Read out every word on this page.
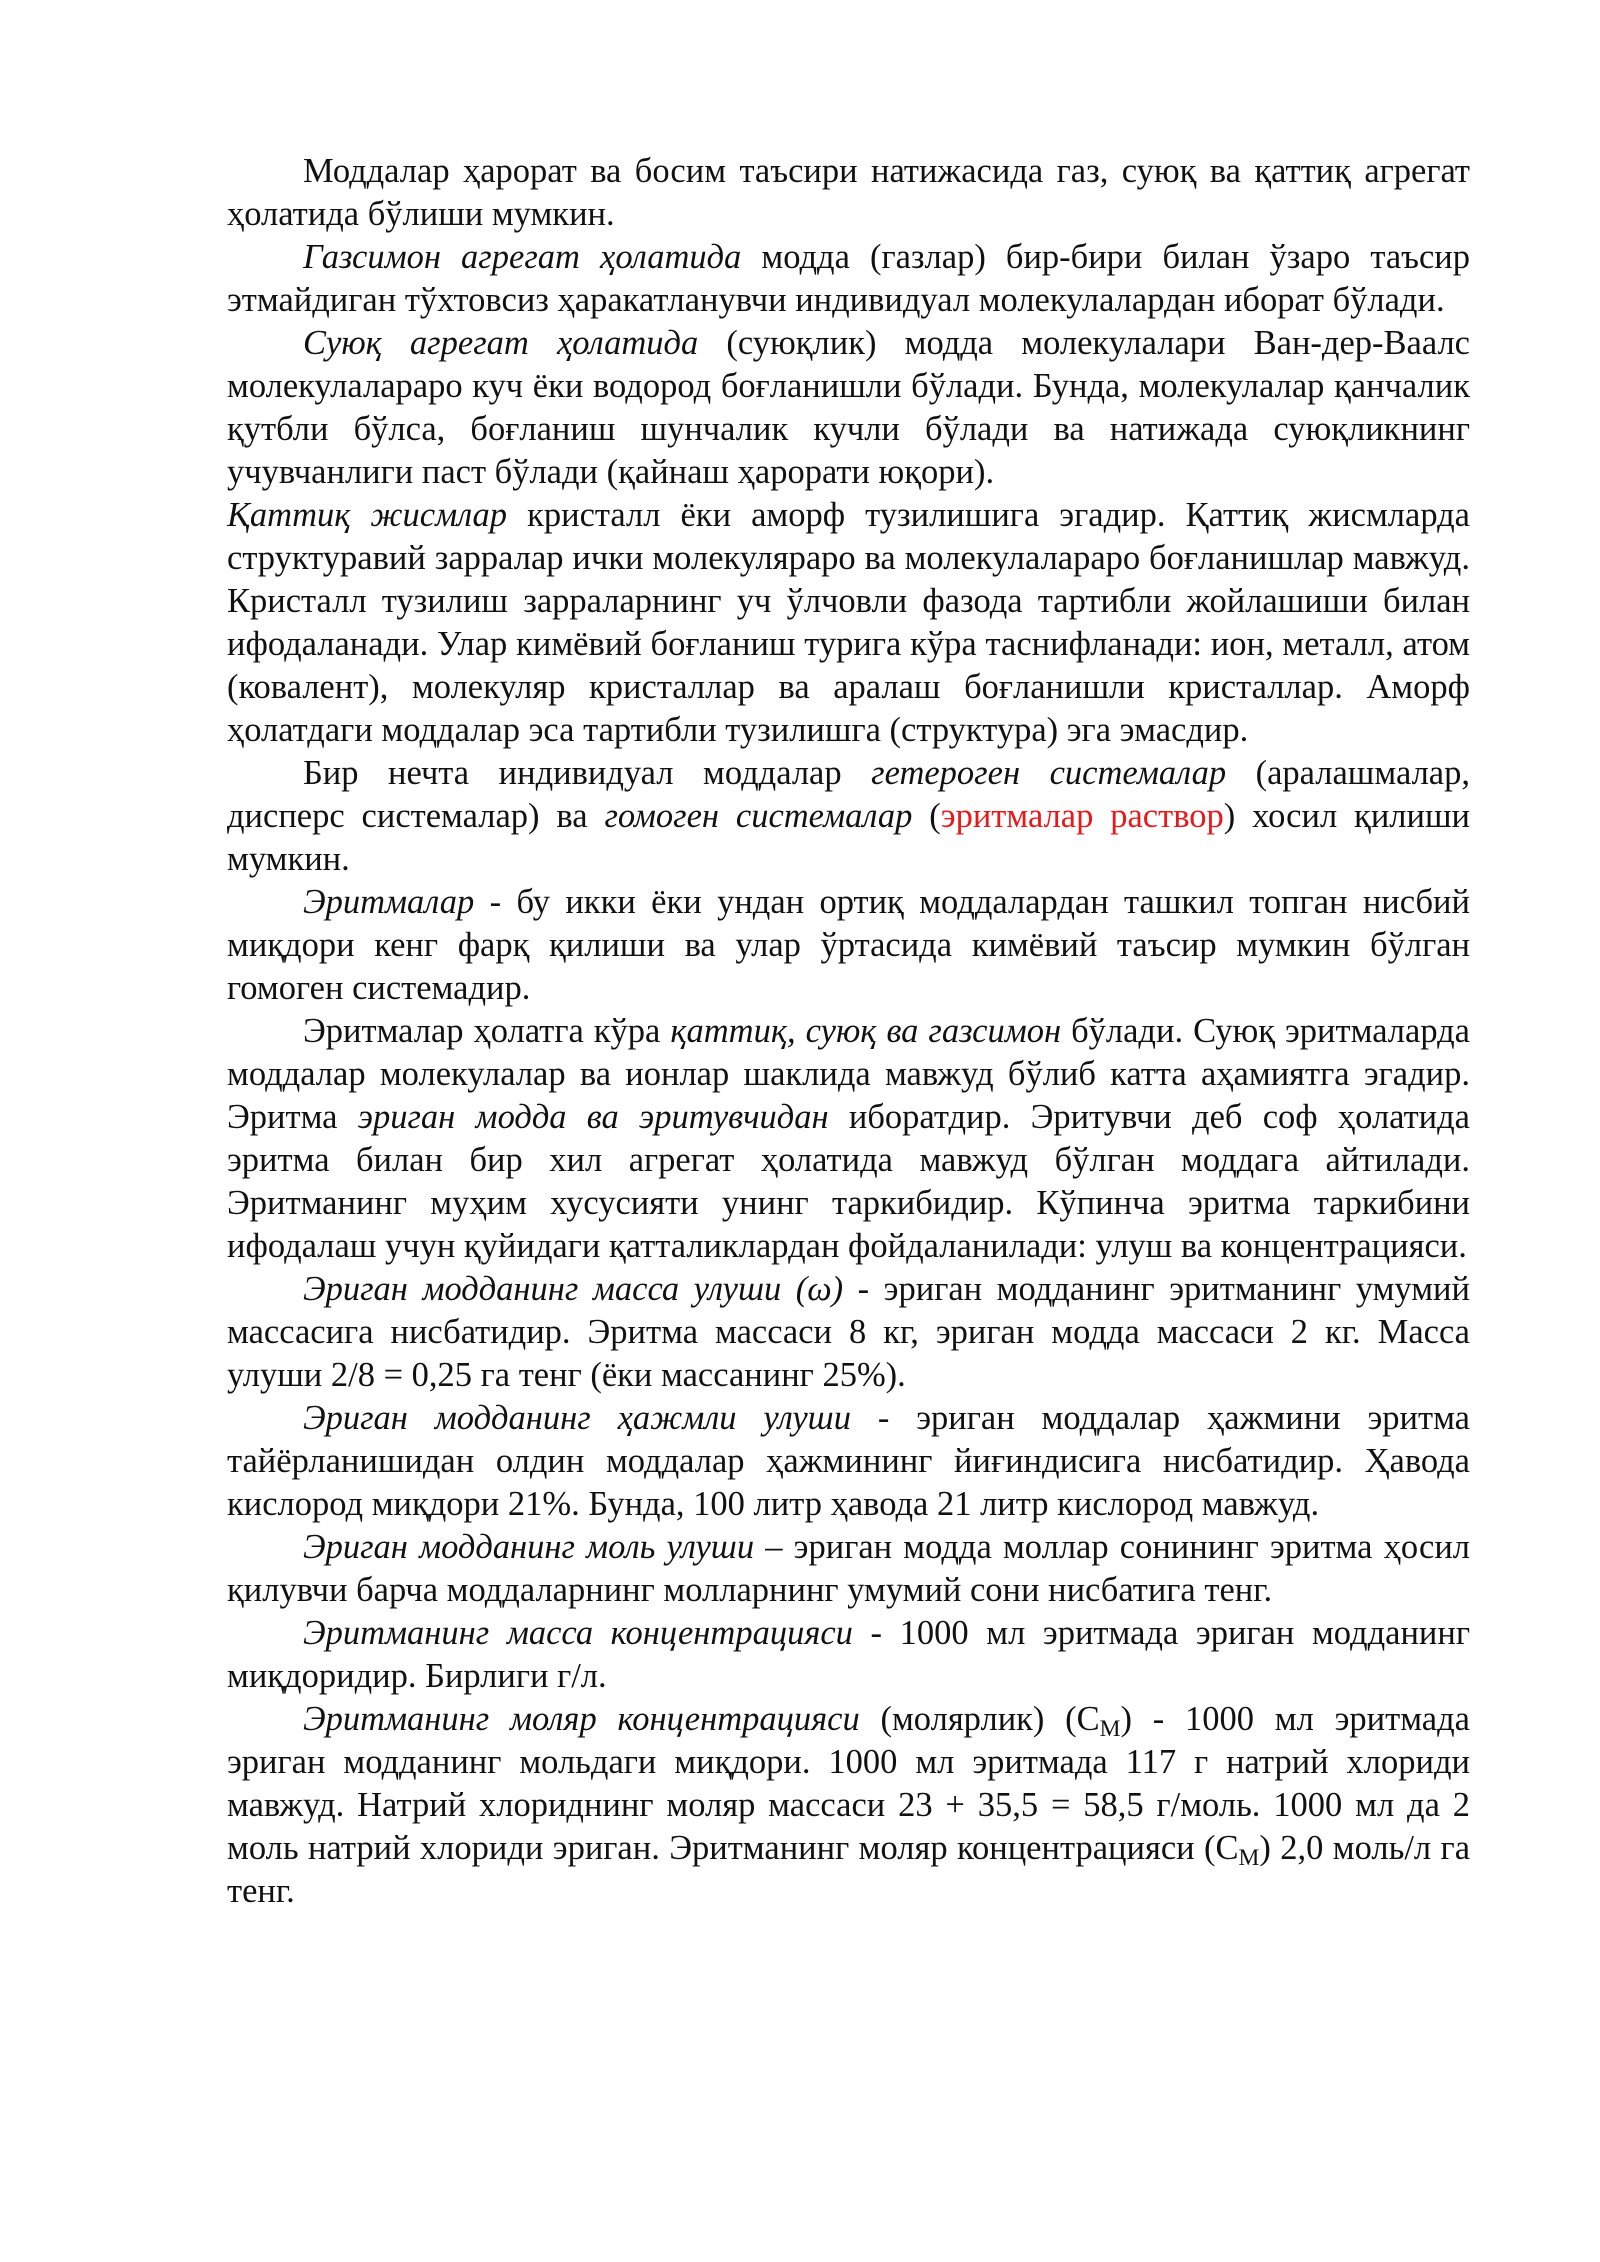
Моддалар ҳарорат ва босим таъсири натижасида газ, суюқ ва қаттиқ агрегат ҳолатида бўлиши мумкин.

Газсимон агрегат ҳолатида модда (газлар) бир-бири билан ўзаро таъсир этмайдиган тўхтовсиз ҳаракатланувчи индивидуал молекулалардан иборат бўлади.

Суюқ агрегат ҳолатида (суюқлик) модда молекулалари Ван-дер-Ваалс молекулалараро куч ёки водород боғланишли бўлади. Бунда, молекулалар қанчалик қутбли бўлса, боғланиш шунчалик кучли бўлади ва натижада суюқликнинг учувчанлиги паст бўлади (қайнаш ҳарорати юқори).

Қаттиқ жисмлар кристалл ёки аморф тузилишига эгадир. Қаттиқ жисмларда структуравий зарралар ички молекуляраро ва молекулалараро боғланишлар мавжуд. Кристалл тузилиш зарраларнинг уч ўлчовли фазода тартибли жойлашиши билан ифодаланади. Улар кимёвий боғланиш турига кўра таснифланади: ион, металл, атом (ковалент), молекуляр кристаллар ва аралаш боғланишли кристаллар. Аморф ҳолатдаги моддалар эса тартибли тузилишга (структура) эга эмасдир.

Бир нечта индивидуал моддалар гетероген системалар (аралашмалар, дисперс системалар) ва гомоген системалар (эритмалар раствор) хосил қилиши мумкин.

Эритмалар - бу икки ёки ундан ортиқ моддалардан ташкил топган нисбий миқдори кенг фарқ қилиши ва улар ўртасида кимёвий таъсир мумкин бўлган гомоген системадир.

Эритмалар ҳолатга кўра қаттиқ, суюқ ва газсимон бўлади. Суюқ эритмаларда моддалар молекулалар ва ионлар шаклида мавжуд бўлиб катта аҳамиятга эгадир. Эритма эриган модда ва эритувчидан иборатдир. Эритувчи деб соф ҳолатида эритма билан бир хил агрегат ҳолатида мавжуд бўлган моддага айтилади. Эритманинг муҳим хусусияти унинг таркибидир. Кўпинча эритма таркибини ифодалаш учун қуйидаги қатталиклардан фойдаланилади: улуш ва концентрацияси.

Эриган модданинг масса улуши (ω) - эриган модданинг эритманинг умумий массасига нисбатидир. Эритма массаси 8 кг, эриган модда массаси 2 кг. Масса улуши 2/8 = 0,25 га тенг (ёки массанинг 25%).

Эриган модданинг ҳажмли улуши - эриган моддалар ҳажмини эритма тайёрланишидан олдин моддалар ҳажмининг йиғиндисига нисбатидир. Ҳавода кислород миқдори 21%. Бунда, 100 литр ҳавода 21 литр кислород мавжуд.

Эриган модданинг моль улуши – эриган модда моллар сонининг эритма ҳосил қилувчи барча моддаларнинг молларнинг умумий сони нисбатига тенг.

Эритманинг масса концентрацияси - 1000 мл эритмада эриган модданинг миқдоридир. Бирлиги г/л.

Эритманинг моляр концентрацияси (молярлик) $(C_M) - 1000$ мл эритмада эриган модданинг мольдаги миқдори. 1000 мл эритмада 117 г натрий хлориди мавжуд. Натрий хлориднинг моляр массаси 23 + 35,5 = 58,5 г/моль. 1000 мл да 2 моль натрий хлориди эриган. Эритманинг моляр концентрацияси $(C_M)$ 2,0 моль/л га тенг.
